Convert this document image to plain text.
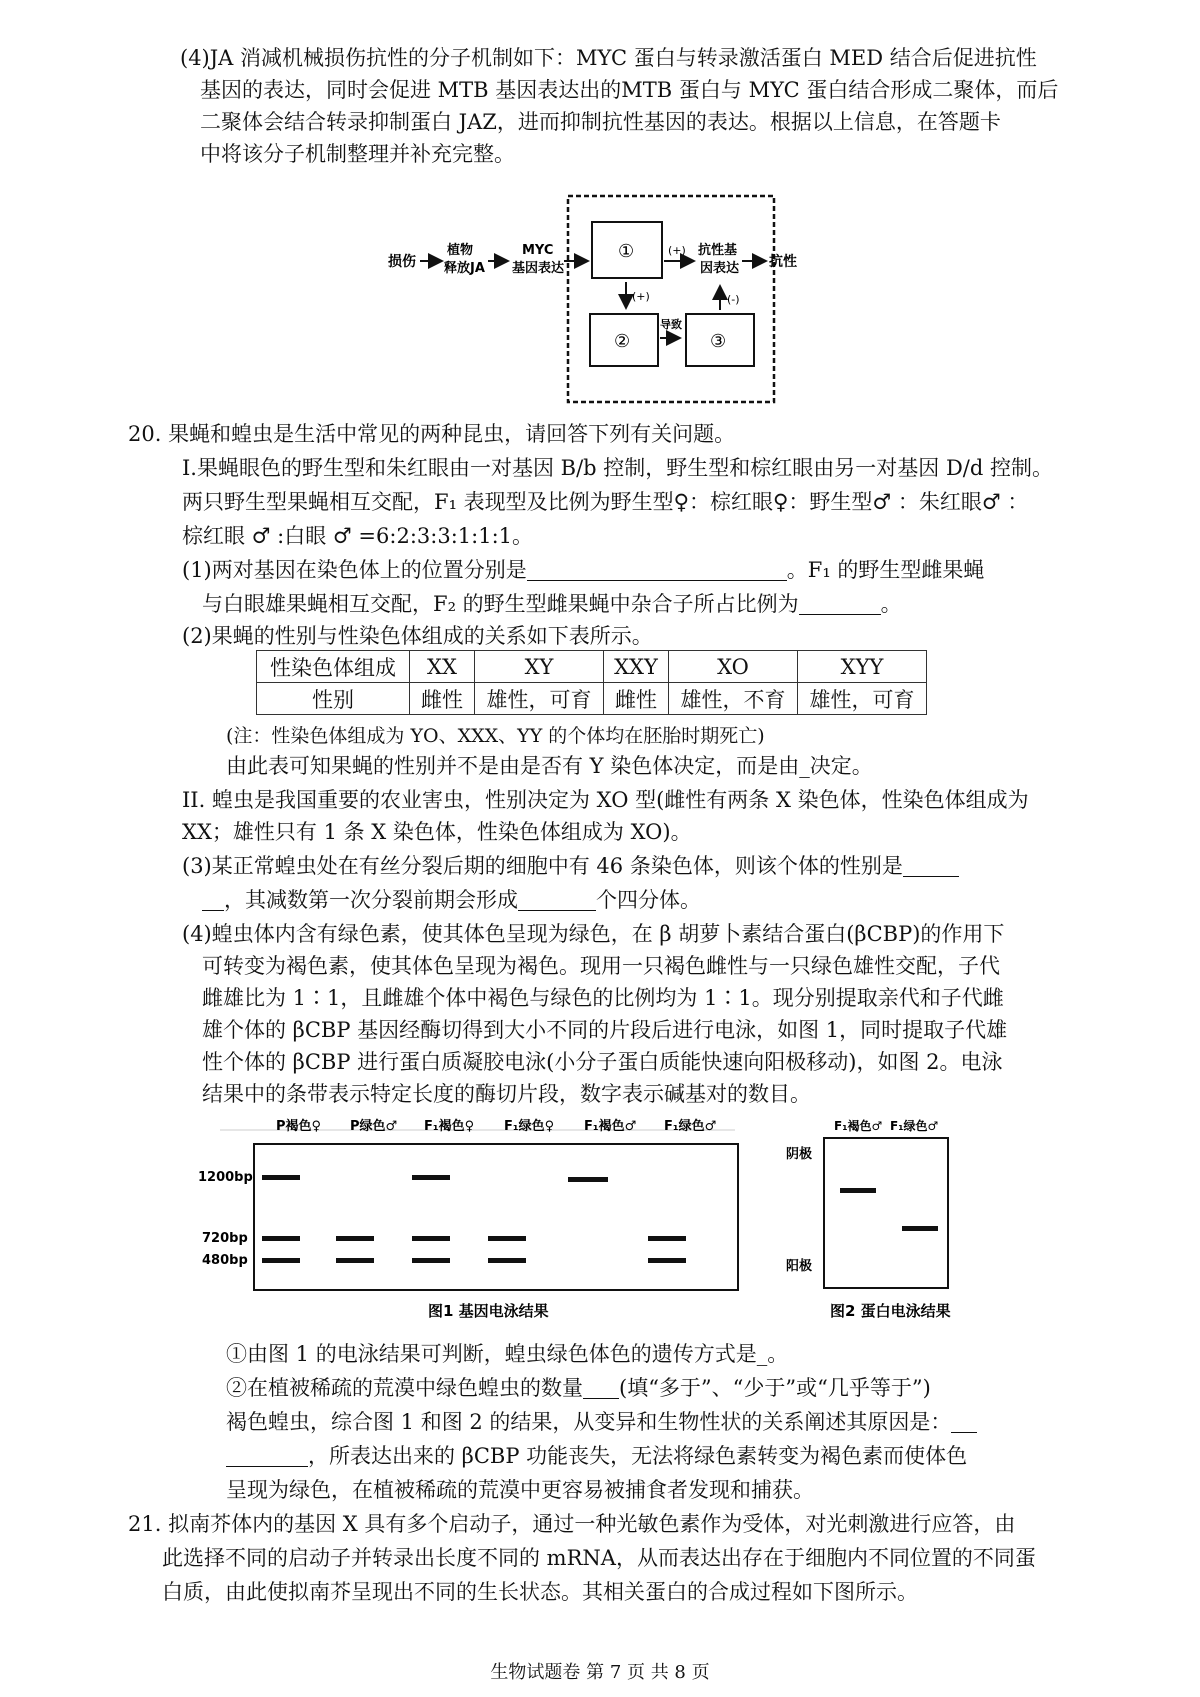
(4)JA 消减机械损伤抗性的分子机制如下：MYC 蛋白与转录激活蛋白 MED 结合后促进抗性
基因的表达，同时会促进 MTB 基因表达出的MTB 蛋白与 MYC 蛋白结合形成二聚体，而后
二聚体会结合转录抑制蛋白 JAZ，进而抑制抗性基因的表达。根据以上信息，在答题卡
中将该分子机制整理并补充完整。
损伤
植物
释放JA
MYC
基因表达
①	(+) 抗性基
因表达 抗性
(+)
②
导致
③
(-)
20. 果蝇和蝗虫是生活中常见的两种昆虫，请回答下列有关问题。
I.果蝇眼色的野生型和朱红眼由一对基因 B/b 控制，野生型和棕红眼由另一对基因 D/d 控制。
两只野生型果蝇相互交配，F₁ 表现型及比例为野生型♀：棕红眼♀：野生型♂ ：朱红眼♂ ：
棕红眼 ♂ :白眼 ♂ =6:2:3:3:1:1:1。
(1)两对基因在染色体上的位置分别是	。F₁ 的野生型雌果蝇
与白眼雄果蝇相互交配，F₂ 的野生型雌果蝇中杂合子所占比例为	。
(2)果蝇的性别与性染色体组成的关系如下表所示。
性染色体组成	XX	XY	XXY	XO	XYY
性别	雌性	雄性，可育	雌性	雄性，不育	雄性，可育
(注：性染色体组成为 YO、XXX、YY 的个体均在胚胎时期死亡)
由此表可知果蝇的性别并不是由是否有 Y 染色体决定，而是由_决定。
II. 蝗虫是我国重要的农业害虫，性别决定为 XO 型(雌性有两条 X 染色体，性染色体组成为
XX；雄性只有 1 条 X 染色体，性染色体组成为 XO)。
(3)某正常蝗虫处在有丝分裂后期的细胞中有 46 条染色体，则该个体的性别是
，其减数第一次分裂前期会形成	个四分体。
(4)蝗虫体内含有绿色素，使其体色呈现为绿色，在 β 胡萝卜素结合蛋白(βCBP)的作用下
可转变为褐色素，使其体色呈现为褐色。现用一只褐色雌性与一只绿色雄性交配，子代
雌雄比为 1∶1，且雌雄个体中褐色与绿色的比例均为 1∶1。现分别提取亲代和子代雌
雄个体的 βCBP 基因经酶切得到大小不同的片段后进行电泳，如图 1，同时提取子代雄
性个体的 βCBP 进行蛋白质凝胶电泳(小分子蛋白质能快速向阳极移动)，如图 2。电泳
结果中的条带表示特定长度的酶切片段，数字表示碱基对的数目。
P褐色♀ P绿色♂ F₁褐色♀ F₁绿色♀ F₁褐色♂ F₁绿色♂
1200bp
720bp
480bp
图1 基因电泳结果
F₁褐色♂ F₁绿色♂
阴极
阳极
图2 蛋白电泳结果
①由图 1 的电泳结果可判断，蝗虫绿色体色的遗传方式是_。
②在植被稀疏的荒漠中绿色蝗虫的数量 (填“多于”、“少于”或“几乎等于”)
褐色蝗虫，综合图 1 和图 2 的结果，从变异和生物性状的关系阐述其原因是：
，所表达出来的 βCBP 功能丧失，无法将绿色素转变为褐色素而使体色
呈现为绿色，在植被稀疏的荒漠中更容易被捕食者发现和捕获。
21. 拟南芥体内的基因 X 具有多个启动子，通过一种光敏色素作为受体，对光刺激进行应答，由
此选择不同的启动子并转录出长度不同的 mRNA，从而表达出存在于细胞内不同位置的不同蛋
白质，由此使拟南芥呈现出不同的生长状态。其相关蛋白的合成过程如下图所示。
生物试题卷 第 7 页 共 8 页
